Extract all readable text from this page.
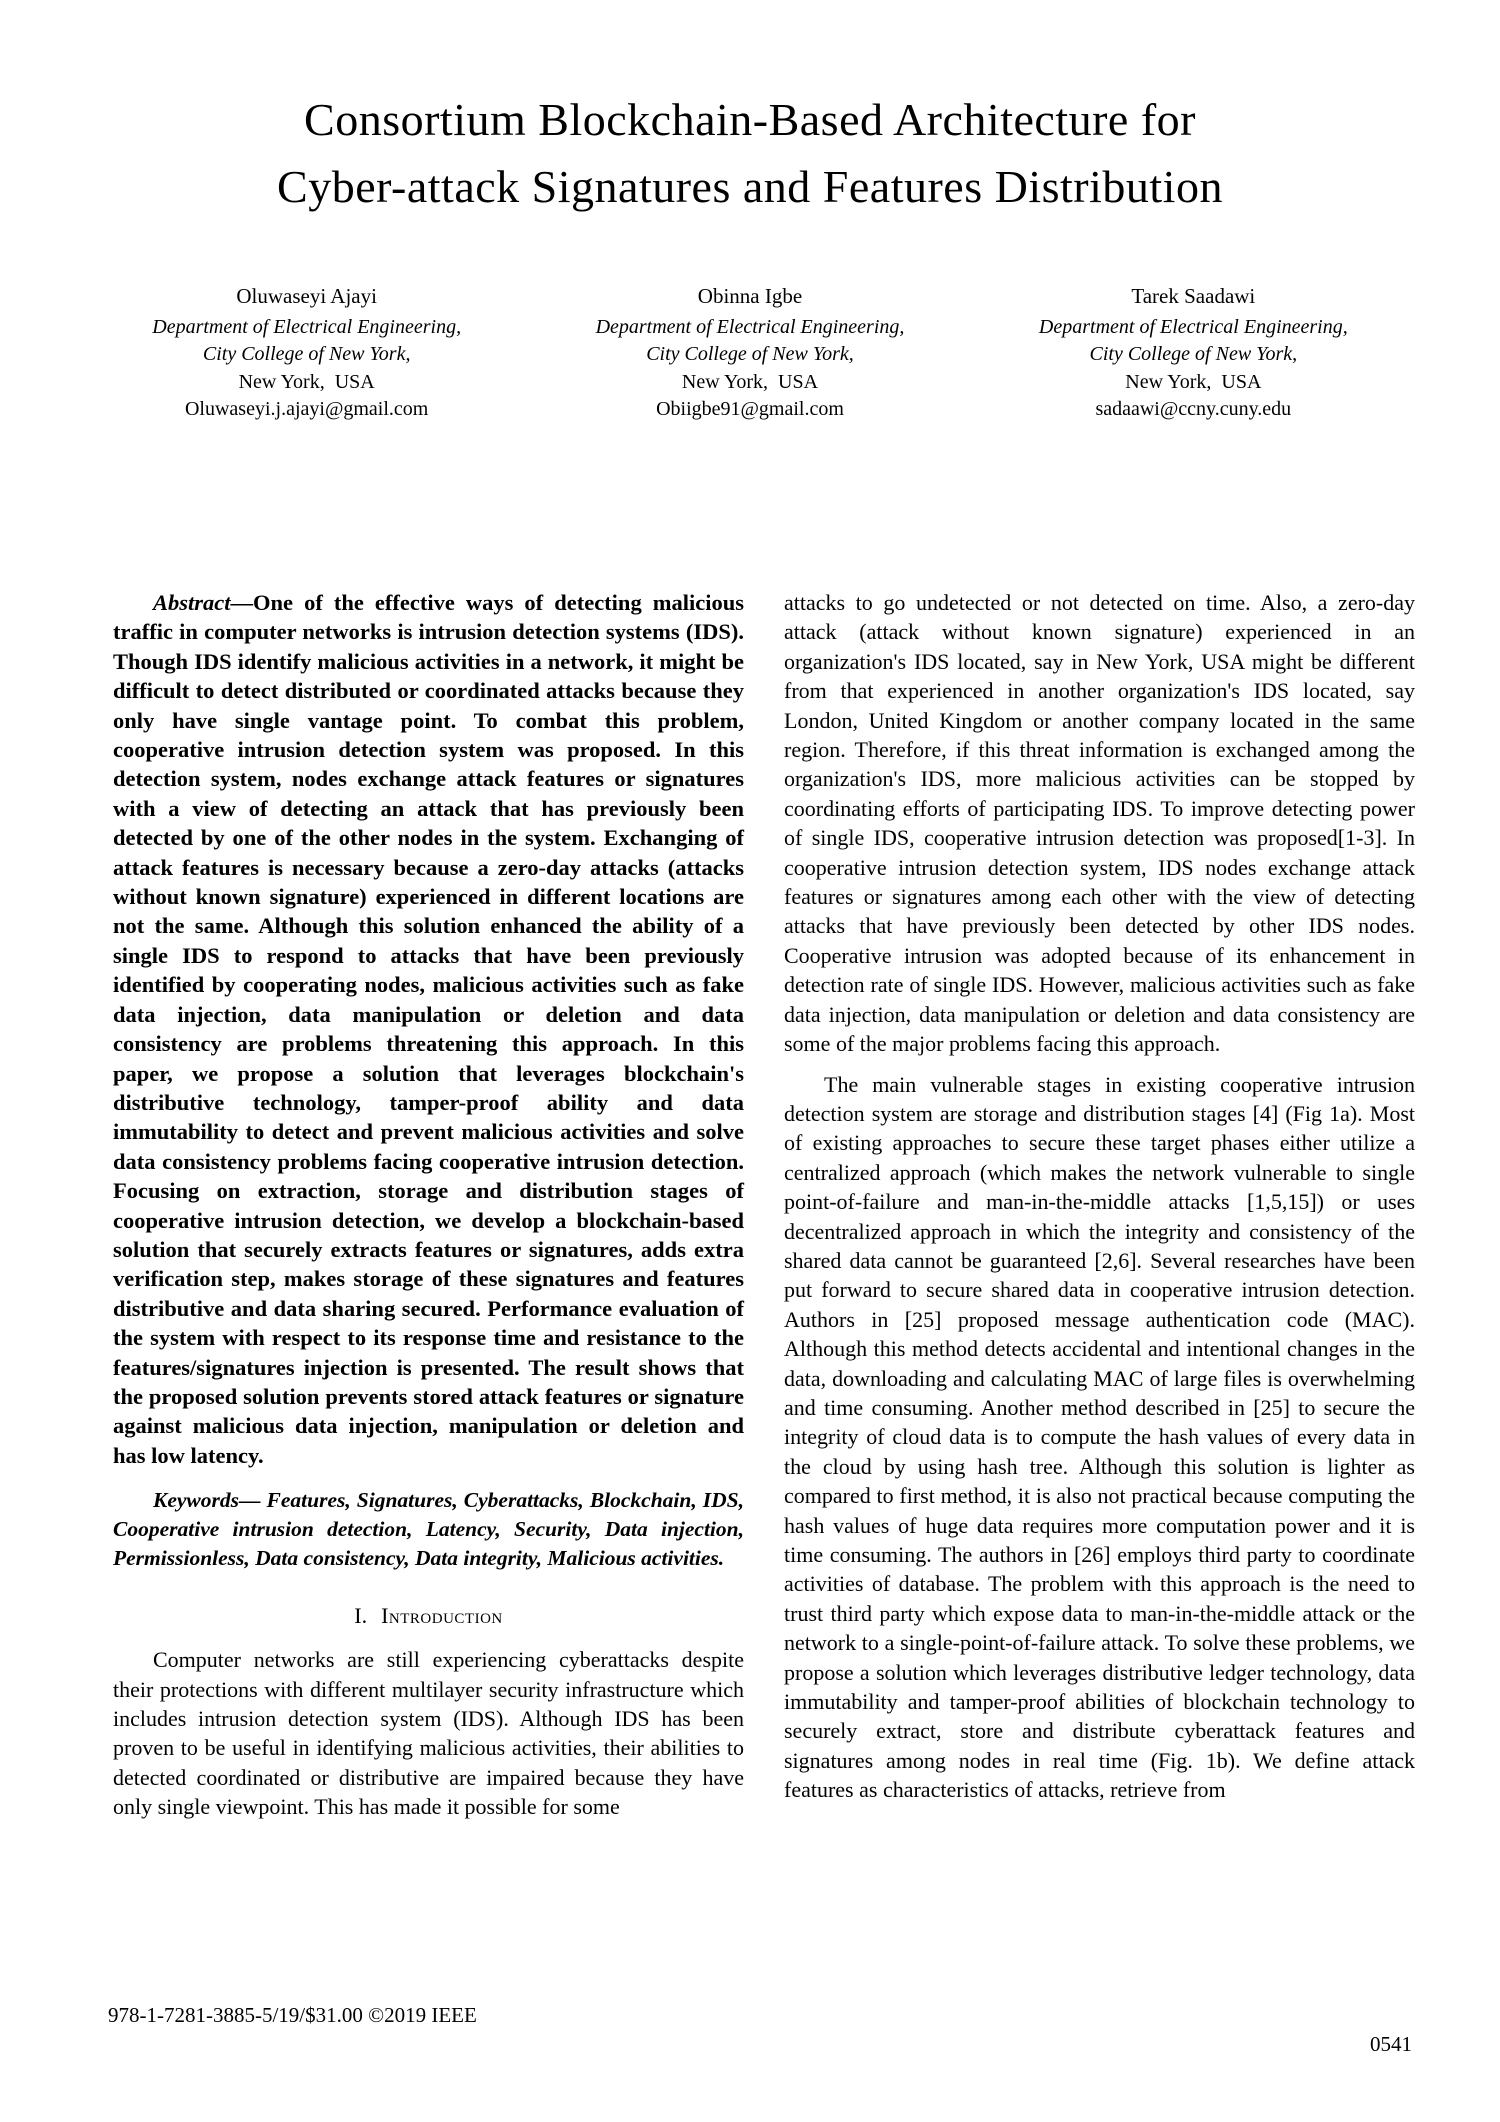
Consortium Blockchain-Based Architecture for
Cyber-attack Signatures and Features Distribution
Oluwaseyi Ajayi
Department of Electrical Engineering,
City College of New York,
New York,  USA
Oluwaseyi.j.ajayi@gmail.com
Obinna Igbe
Department of Electrical Engineering,
City College of New York,
New York,  USA
Obiigbe91@gmail.com
Tarek Saadawi
Department of Electrical Engineering,
City College of New York,
New York,  USA
sadaawi@ccny.cuny.edu

Abstract—One of the effective ways of detecting malicious traffic in computer networks is intrusion detection systems (IDS). Though IDS identify malicious activities in a network, it might be difficult to detect distributed or coordinated attacks because they only have single vantage point. To combat this problem, cooperative intrusion detection system was proposed. In this detection system, nodes exchange attack features or signatures with a view of detecting an attack that has previously been detected by one of the other nodes in the system. Exchanging of attack features is necessary because a zero-day attacks (attacks without known signature) experienced in different locations are not the same. Although this solution enhanced the ability of a single IDS to respond to attacks that have been previously identified by cooperating nodes, malicious activities such as fake data injection, data manipulation or deletion and data consistency are problems threatening this approach. In this paper, we propose a solution that leverages blockchain's distributive technology, tamper-proof ability and data immutability to detect and prevent malicious activities and solve data consistency problems facing cooperative intrusion detection. Focusing on extraction, storage and distribution stages of cooperative intrusion detection, we develop a blockchain-based solution that securely extracts features or signatures, adds extra verification step, makes storage of these signatures and features distributive and data sharing secured. Performance evaluation of the system with respect to its response time and resistance to the features/signatures injection is presented. The result shows that the proposed solution prevents stored attack features or signature against malicious data injection, manipulation or deletion and has low latency.

Keywords— Features, Signatures, Cyberattacks, Blockchain, IDS, Cooperative intrusion detection, Latency, Security, Data injection, Permissionless, Data consistency, Data integrity, Malicious activities.

I. Introduction

Computer networks are still experiencing cyberattacks despite their protections with different multilayer security infrastructure which includes intrusion detection system (IDS). Although IDS has been proven to be useful in identifying malicious activities, their abilities to detected coordinated or distributive are impaired because they have only single viewpoint. This has made it possible for some

attacks to go undetected or not detected on time. Also, a zero-day attack (attack without known signature) experienced in an organization's IDS located, say in New York, USA might be different from that experienced in another organization's IDS located, say London, United Kingdom or another company located in the same region. Therefore, if this threat information is exchanged among the organization's IDS, more malicious activities can be stopped by coordinating efforts of participating IDS. To improve detecting power of single IDS, cooperative intrusion detection was proposed[1-3]. In cooperative intrusion detection system, IDS nodes exchange attack features or signatures among each other with the view of detecting attacks that have previously been detected by other IDS nodes. Cooperative intrusion was adopted because of its enhancement in detection rate of single IDS. However, malicious activities such as fake data injection, data manipulation or deletion and data consistency are some of the major problems facing this approach.

The main vulnerable stages in existing cooperative intrusion detection system are storage and distribution stages [4] (Fig 1a). Most of existing approaches to secure these target phases either utilize a centralized approach (which makes the network vulnerable to single point-of-failure and man-in-the-middle attacks [1,5,15]) or uses decentralized approach in which the integrity and consistency of the shared data cannot be guaranteed [2,6]. Several researches have been put forward to secure shared data in cooperative intrusion detection. Authors in [25] proposed message authentication code (MAC). Although this method detects accidental and intentional changes in the data, downloading and calculating MAC of large files is overwhelming and time consuming. Another method described in [25] to secure the integrity of cloud data is to compute the hash values of every data in the cloud by using hash tree. Although this solution is lighter as compared to first method, it is also not practical because computing the hash values of huge data requires more computation power and it is time consuming. The authors in [26] employs third party to coordinate activities of database. The problem with this approach is the need to trust third party which expose data to man-in-the-middle attack or the network to a single-point-of-failure attack. To solve these problems, we propose a solution which leverages distributive ledger technology, data immutability and tamper-proof abilities of blockchain technology to securely extract, store and distribute cyberattack features and signatures among nodes in real time (Fig. 1b). We define attack features as characteristics of attacks, retrieve from

978-1-7281-3885-5/19/$31.00 ©2019 IEEE
0541
